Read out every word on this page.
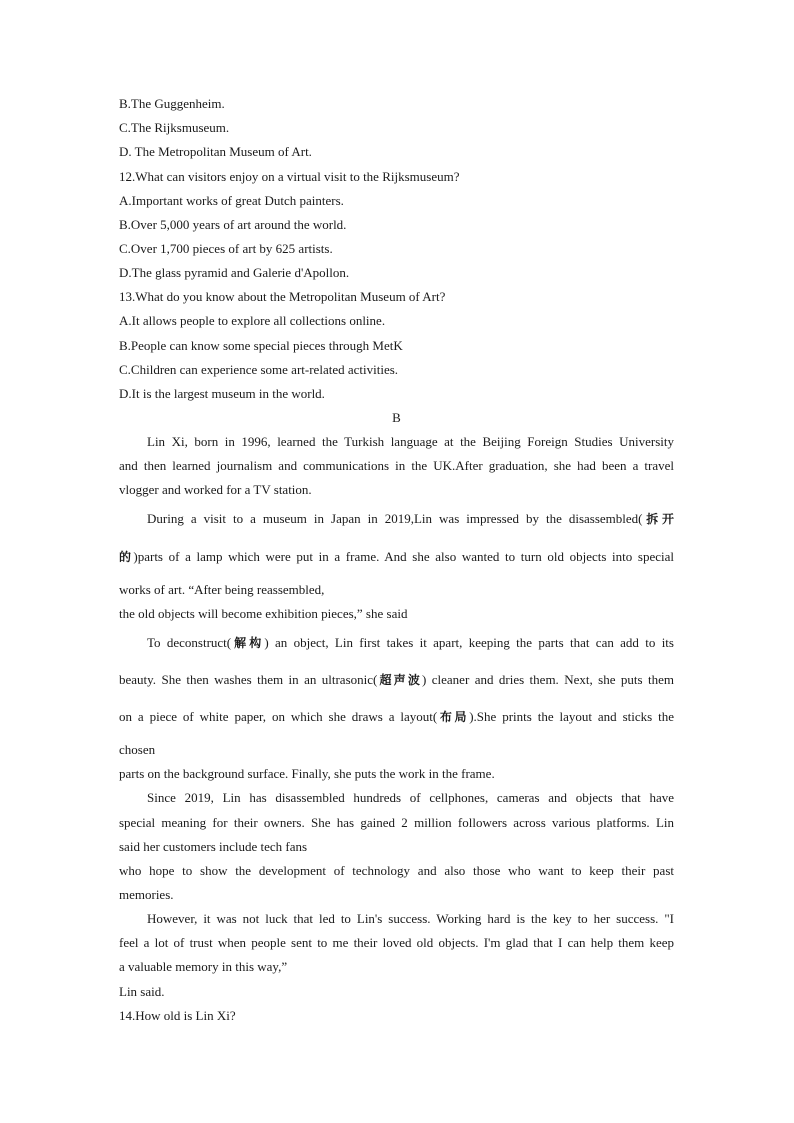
B.The Guggenheim.
C.The Rijksmuseum.
D. The Metropolitan Museum of Art.
12.What can visitors enjoy on a virtual visit to the Rijksmuseum?
A.Important works of great Dutch painters.
B.Over 5,000 years of art around the world.
C.Over 1,700 pieces of art by 625 artists.
D.The glass pyramid and Galerie d'Apollon.
13.What do you know about the Metropolitan Museum of Art?
A.It allows people to explore all collections online.
B.People can know some special pieces through MetK
C.Children can experience some art-related activities.
D.It is the largest museum in the world.
B
Lin Xi, born in 1996, learned the Turkish language at the Beijing Foreign Studies University
and then learned journalism and communications in the UK.After graduation, she had been a travel
vlogger and worked for a TV station.
During a visit to a museum in Japan in 2019,Lin was impressed by the disassembled(拆开
的)parts of a lamp which were put in a frame. And she also wanted to turn old objects into special
works of art. “After being reassembled,
the old objects will become exhibition pieces,” she said
To deconstruct(解构) an object, Lin first takes it apart, keeping the parts that can add to its
beauty. She then washes them in an ultrasonic(超声波) cleaner and dries them. Next, she puts them
on a piece of white paper, on which she draws a layout(布局).She prints the layout and sticks the
chosen
parts on the background surface. Finally, she puts the work in the frame.
Since 2019, Lin has disassembled hundreds of cellphones, cameras and objects that have
special meaning for their owners. She has gained 2 million followers across various platforms. Lin
said her customers include tech fans
who hope to show the development of technology and also those who want to keep their past
memories.
However, it was not luck that led to Lin's success. Working hard is the key to her success. "I
feel a lot of trust when people sent to me their loved old objects. I'm glad that I can help them keep
a valuable memory in this way,”
Lin said.
14.How old is Lin Xi?
